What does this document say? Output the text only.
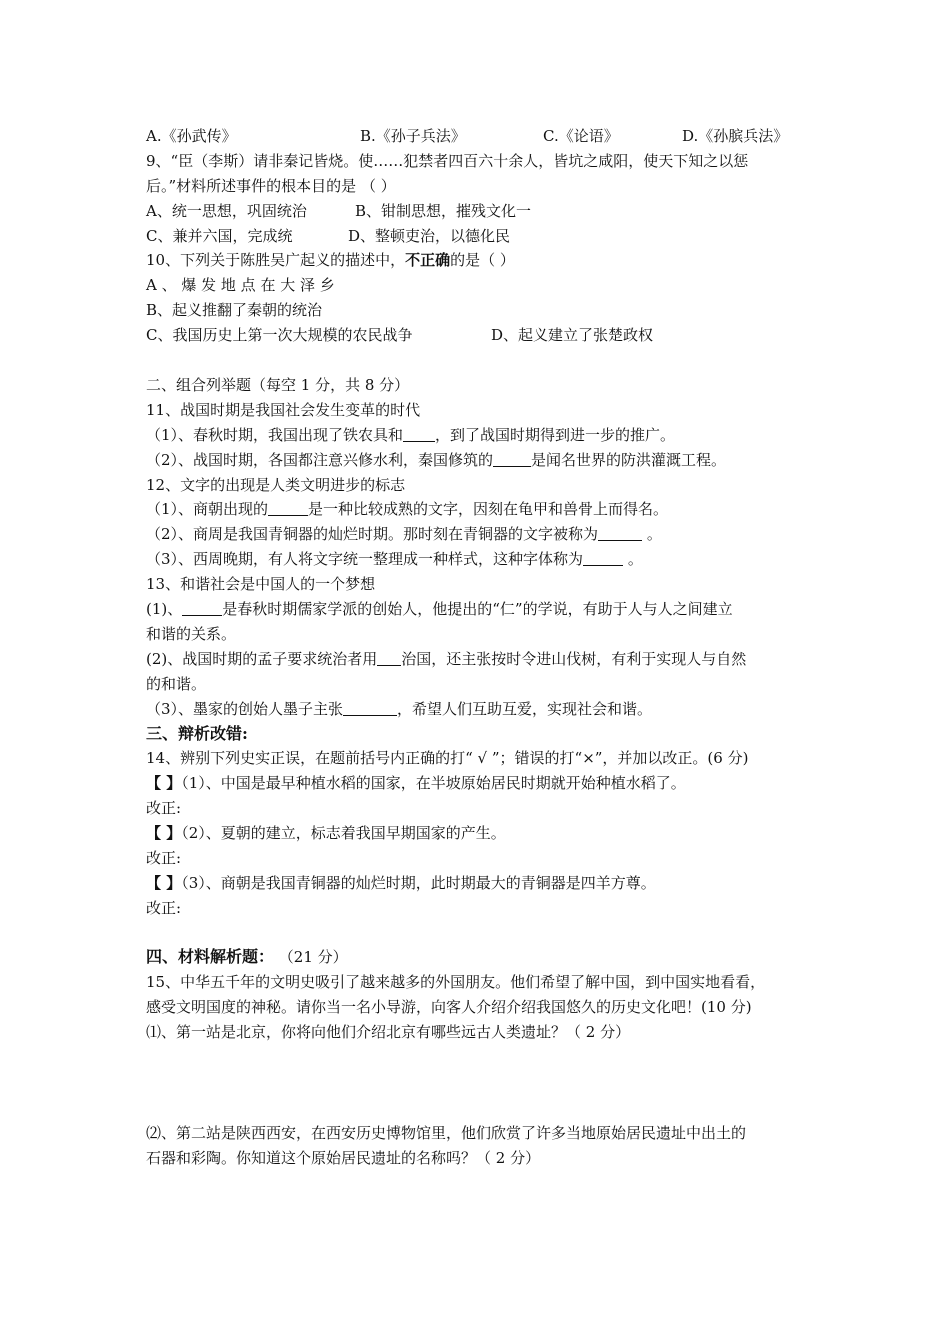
A.《孙武传》	B.《孙子兵法》	C.《论语》	D.《孙膑兵法》
9、“臣（李斯）请非秦记皆烧。使……犯禁者四百六十余人，皆坑之咸阳，使天下知之以惩
后。”材料所述事件的根本目的是 （ ）
A、统一思想，巩固统治	B、钳制思想，摧残文化一
C、兼并六国，完成统	D、整顿吏治，以德化民
10、下列关于陈胜吴广起义的描述中，不正确的是（ ）
A 、 爆 发 地 点 在 大 泽 乡
B、起义推翻了秦朝的统治
C、我国历史上第一次大规模的农民战争	D、起义建立了张楚政权
二、组合列举题（每空 1 分，共 8 分）
11、战国时期是我国社会发生变革的时代
（1）、春秋时期，我国出现了铁农具和 ，到了战国时期得到进一步的推广。
（2）、战国时期，各国都注意兴修水利，秦国修筑的	是闻名世界的防洪灌溉工程。
12、文字的出现是人类文明进步的标志
（1）、商朝出现的	是一种比较成熟的文字，因刻在龟甲和兽骨上而得名。
（2）、商周是我国青铜器的灿烂时期。那时刻在青铜器的文字被称为	。
（3）、西周晚期，有人将文字统一整理成一种样式，这种字体称为	。
13、和谐社会是中国人的一个梦想
(1)、	是春秋时期儒家学派的创始人，他提出的“仁”的学说，有助于人与人之间建立
和谐的关系。
(2)、战国时期的孟子要求统治者用 治国，还主张按时令进山伐树，有利于实现人与自然
的和谐。
（3）、墨家的创始人墨子主张	，希望人们互助互爱，实现社会和谐。
三、辩析改错:
14、辨别下列史实正误，在题前括号内正确的打“ √ ”；错误的打“×”，并加以改正。(6 分)
【 】（1）、中国是最早种植水稻的国家，在半坡原始居民时期就开始种植水稻了。
改正:
【 】（2）、夏朝的建立，标志着我国早期国家的产生。
改正:
【 】（3）、商朝是我国青铜器的灿烂时期，此时期最大的青铜器是四羊方尊。
改正:
四、材料解析题： （21 分）
15、中华五千年的文明史吸引了越来越多的外国朋友。他们希望了解中国，到中国实地看看，
感受文明国度的神秘。请你当一名小导游，向客人介绍介绍我国悠久的历史文化吧！(10 分)
⑴、第一站是北京，你将向他们介绍北京有哪些远古人类遗址？（ 2 分）
⑵、第二站是陕西西安，在西安历史博物馆里，他们欣赏了许多当地原始居民遗址中出土的
石器和彩陶。你知道这个原始居民遗址的名称吗？（ 2 分）
